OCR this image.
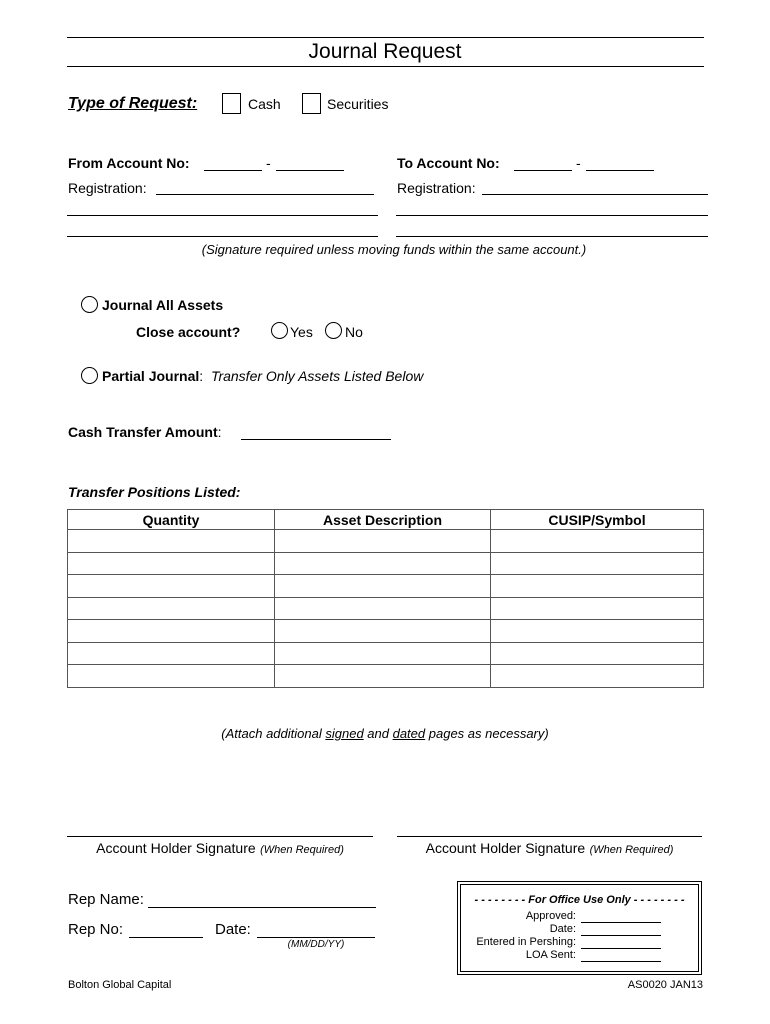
Journal Request
Type of Request:	Cash	Securities
From Account No:	-
Registration:
To Account No:	-
Registration:
(Signature required unless moving funds within the same account.)
Journal All Assets
Close account?	Yes No
Partial Journal: Transfer Only Assets Listed Below
Cash Transfer Amount:
Transfer Positions Listed:
Quantity	Asset Description	CUSIP/Symbol

(Attach additional signed and dated pages as necessary)
Account Holder Signature (When Required)	Account Holder Signature (When Required)
Rep Name:
Rep No:	Date:
(MM/DD/YY)
- - - - - - - - For Office Use Only - - - - - - - -
Approved:
Date:
Entered in Pershing:
LOA Sent:
Bolton Global Capital	AS0020 JAN13
